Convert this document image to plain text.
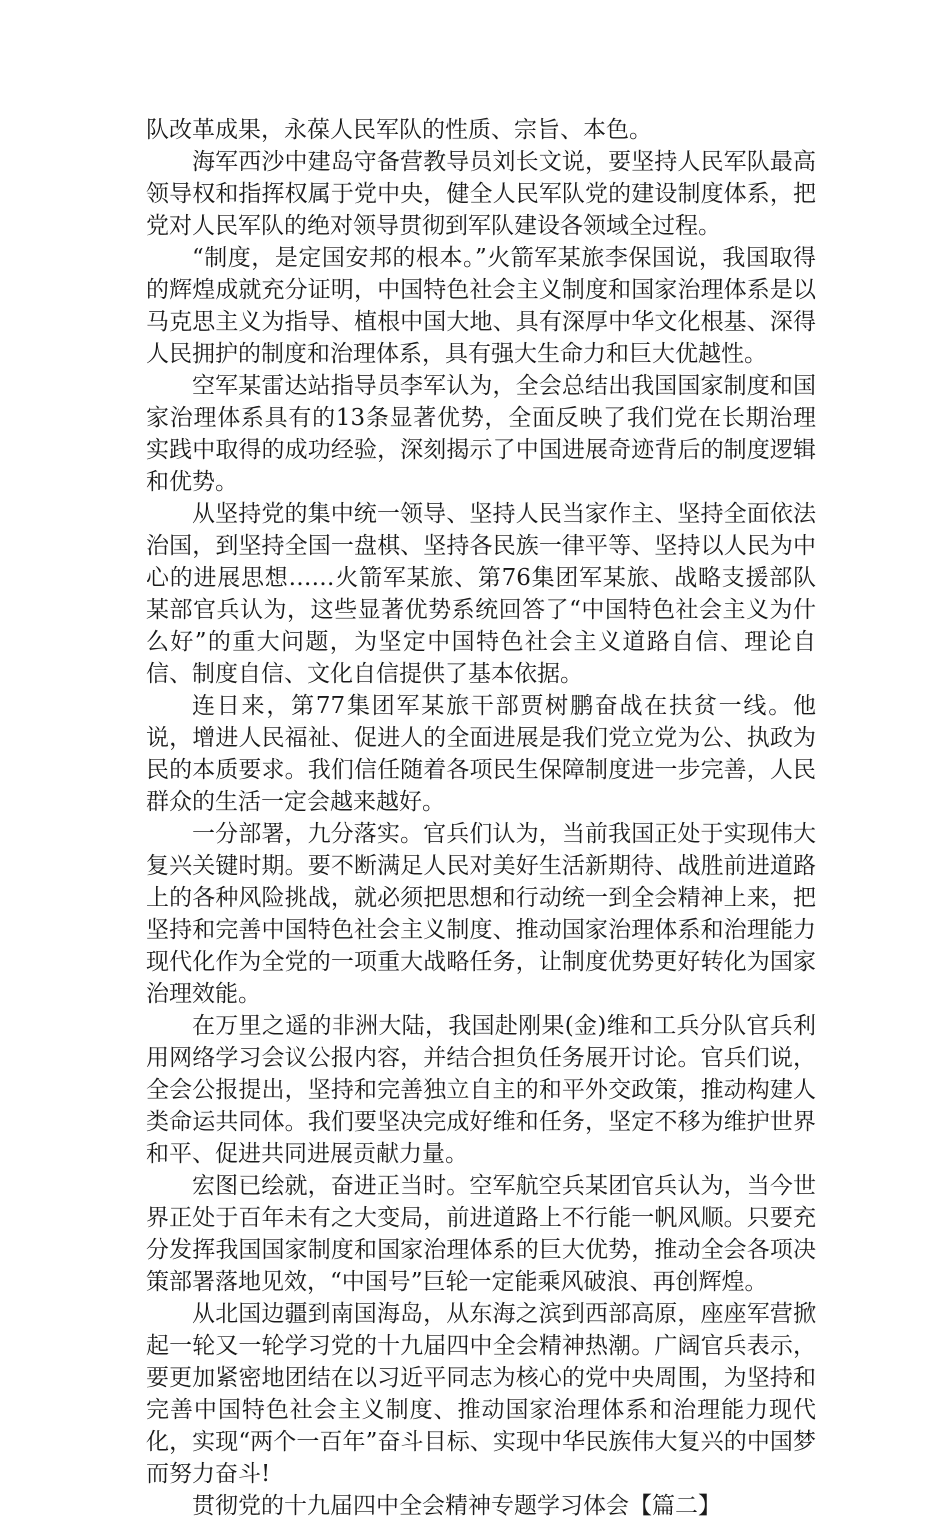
队改革成果，永葆人民军队的性质、宗旨、本色。

海军西沙中建岛守备营教导员刘长文说，要坚持人民军队最高领导权和指挥权属于党中央，健全人民军队党的建设制度体系，把党对人民军队的绝对领导贯彻到军队建设各领域全过程。

“制度，是定国安邦的根本。”火箭军某旅李保国说，我国取得的辉煌成就充分证明，中国特色社会主义制度和国家治理体系是以马克思主义为指导、植根中国大地、具有深厚中华文化根基、深得人民拥护的制度和治理体系，具有强大生命力和巨大优越性。

空军某雷达站指导员李军认为，全会总结出我国国家制度和国家治理体系具有的13条显著优势，全面反映了我们党在长期治理实践中取得的成功经验，深刻揭示了中国进展奇迹背后的制度逻辑和优势。

从坚持党的集中统一领导、坚持人民当家作主、坚持全面依法治国，到坚持全国一盘棋、坚持各民族一律平等、坚持以人民为中心的进展思想……火箭军某旅、第76集团军某旅、战略支援部队某部官兵认为，这些显著优势系统回答了“中国特色社会主义为什么好”的重大问题，为坚定中国特色社会主义道路自信、理论自信、制度自信、文化自信提供了基本依据。

连日来，第77集团军某旅干部贾树鹏奋战在扶贫一线。他说，增进人民福祉、促进人的全面进展是我们党立党为公、执政为民的本质要求。我们信任随着各项民生保障制度进一步完善，人民群众的生活一定会越来越好。

一分部署，九分落实。官兵们认为，当前我国正处于实现伟大复兴关键时期。要不断满足人民对美好生活新期待、战胜前进道路上的各种风险挑战，就必须把思想和行动统一到全会精神上来，把坚持和完善中国特色社会主义制度、推动国家治理体系和治理能力现代化作为全党的一项重大战略任务，让制度优势更好转化为国家治理效能。

在万里之遥的非洲大陆，我国赴刚果(金)维和工兵分队官兵利用网络学习会议公报内容，并结合担负任务展开讨论。官兵们说，全会公报提出，坚持和完善独立自主的和平外交政策，推动构建人类命运共同体。我们要坚决完成好维和任务，坚定不移为维护世界和平、促进共同进展贡献力量。

宏图已绘就，奋进正当时。空军航空兵某团官兵认为，当今世界正处于百年未有之大变局，前进道路上不行能一帆风顺。只要充分发挥我国国家制度和国家治理体系的巨大优势，推动全会各项决策部署落地见效，“中国号”巨轮一定能乘风破浪、再创辉煌。

从北国边疆到南国海岛，从东海之滨到西部高原，座座军营掀起一轮又一轮学习党的十九届四中全会精神热潮。广阔官兵表示，要更加紧密地团结在以习近平同志为核心的党中央周围，为坚持和完善中国特色社会主义制度、推动国家治理体系和治理能力现代化，实现“两个一百年”奋斗目标、实现中华民族伟大复兴的中国梦而努力奋斗!

贯彻党的十九届四中全会精神专题学习体会【篇二】
